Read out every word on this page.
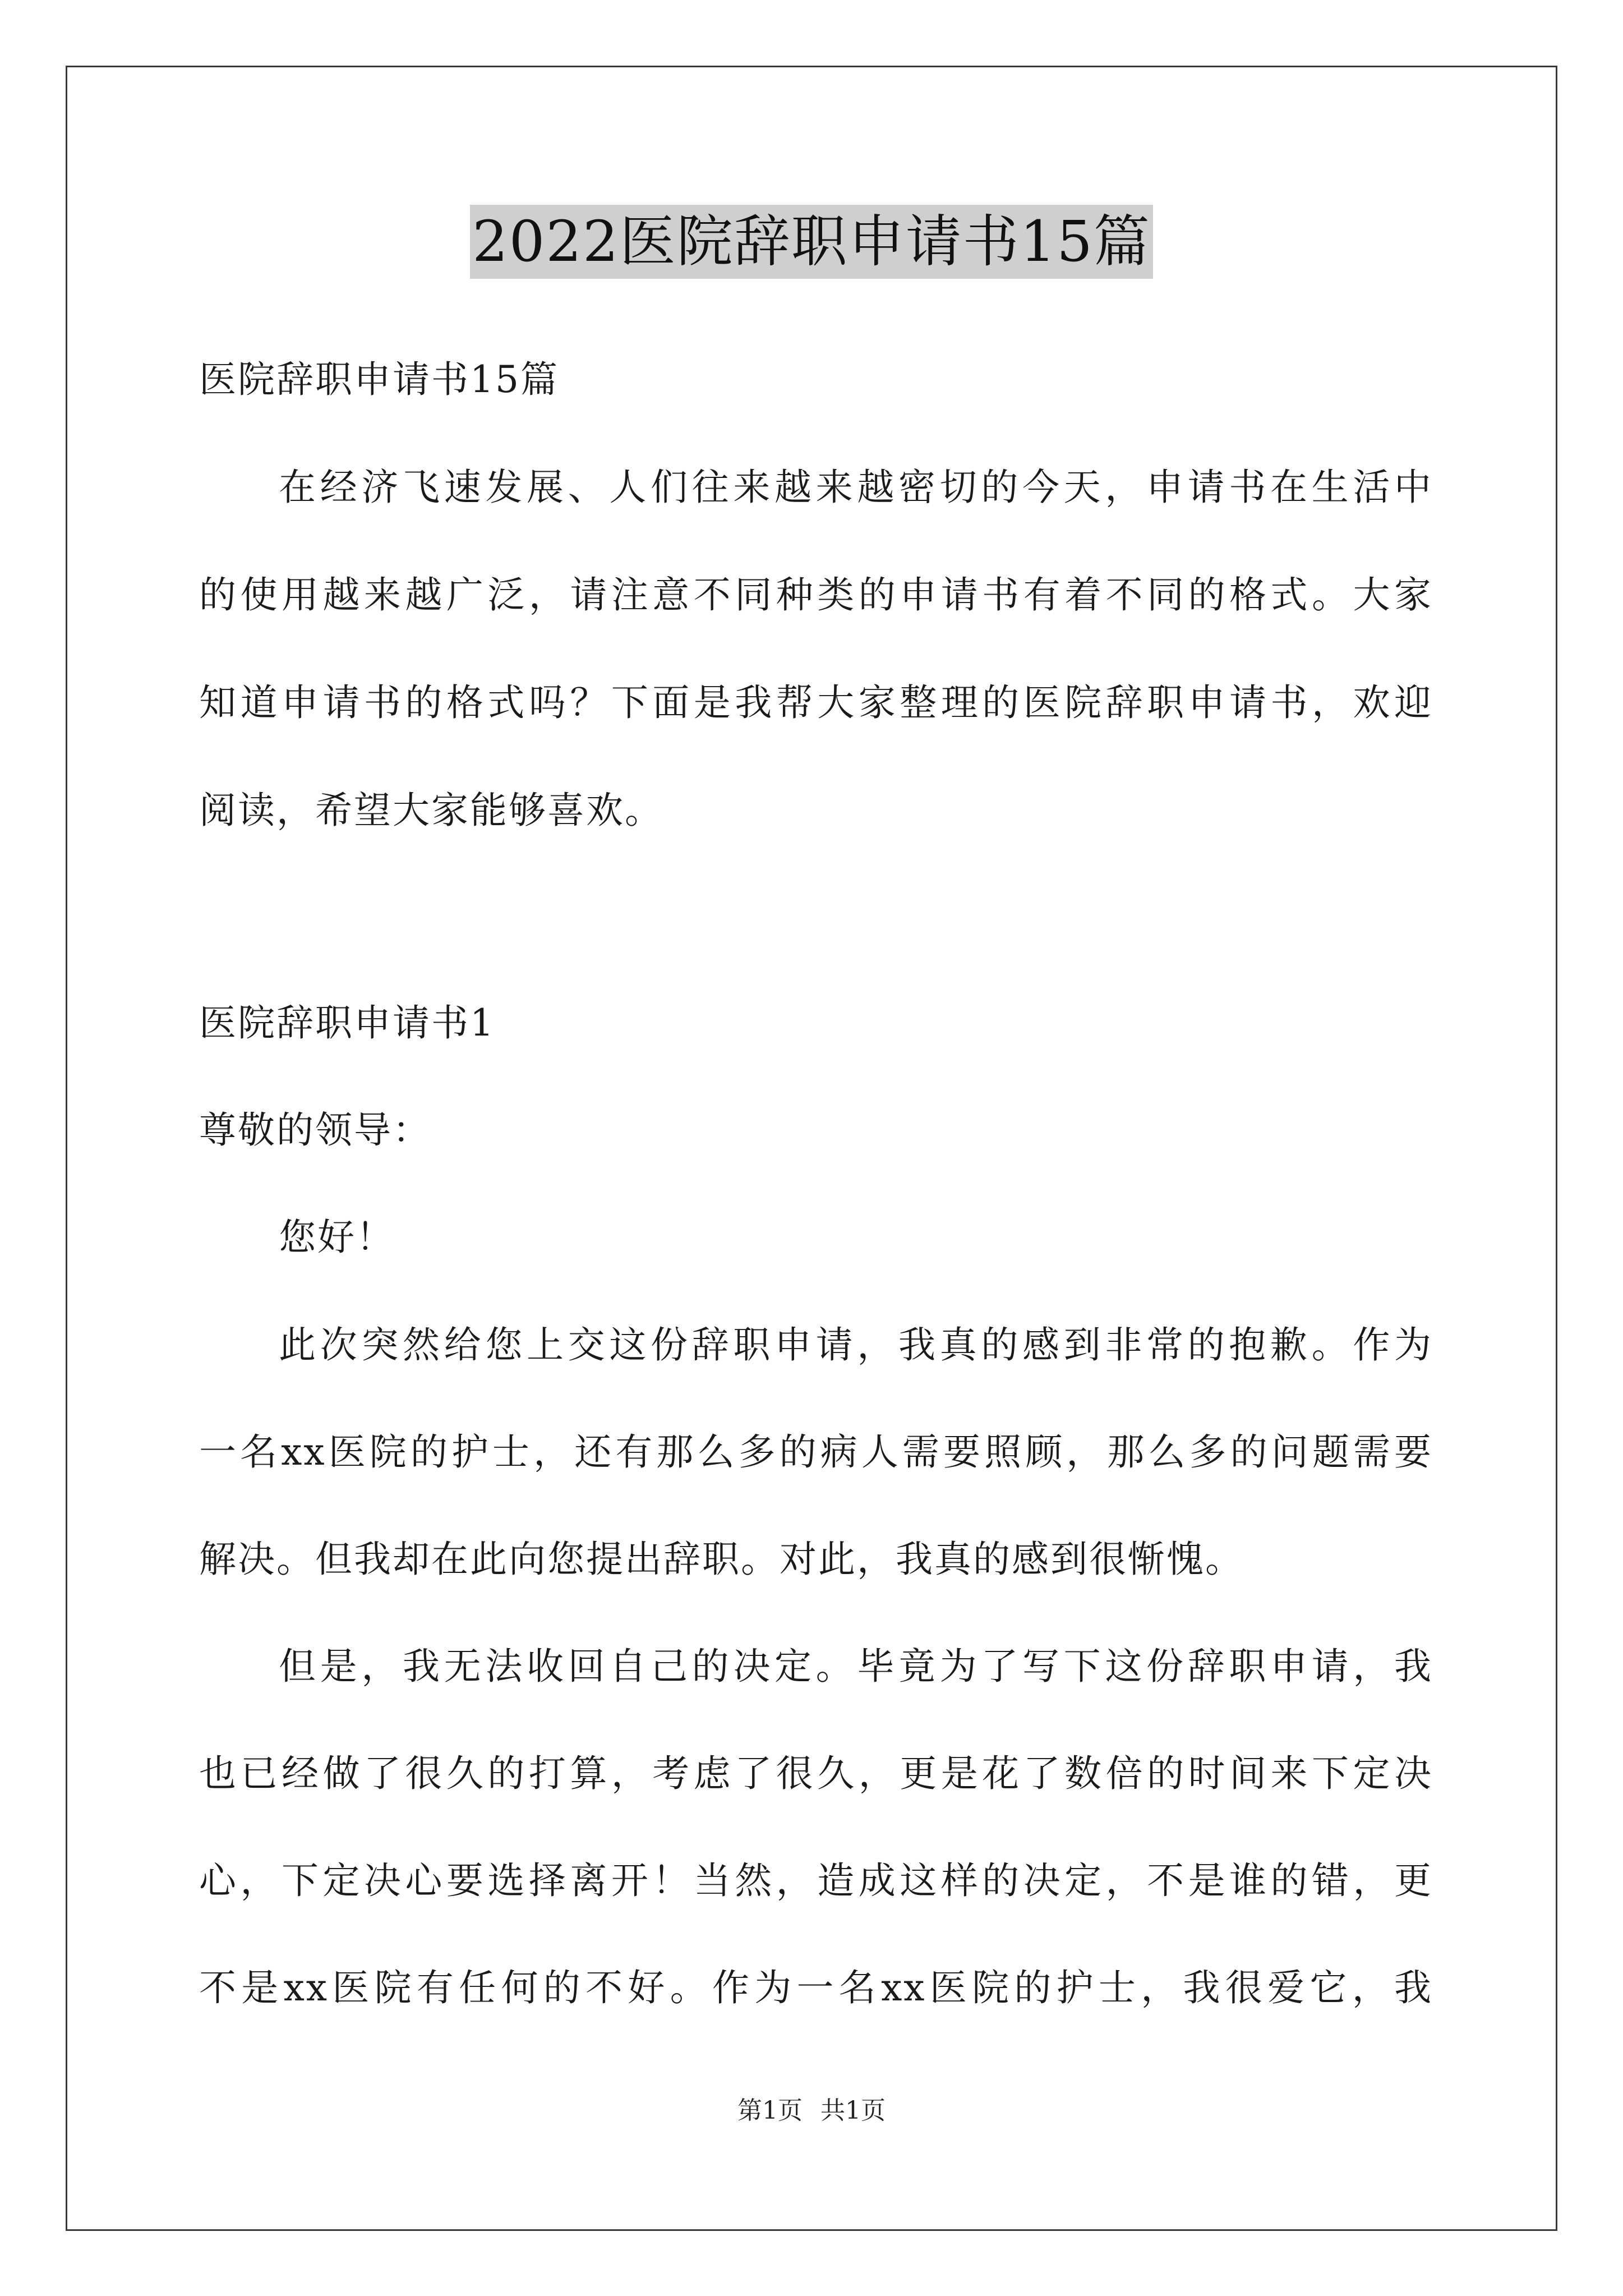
2022医院辞职申请书15篇
医院辞职申请书15篇
在经济飞速发展、人们往来越来越密切的今天，申请书在生活中
的使用越来越广泛，请注意不同种类的申请书有着不同的格式。大家
知道申请书的格式吗？下面是我帮大家整理的医院辞职申请书，欢迎
阅读，希望大家能够喜欢。
医院辞职申请书1
尊敬的领导：
您好！
此次突然给您上交这份辞职申请，我真的感到非常的抱歉。作为
一名xx医院的护士，还有那么多的病人需要照顾，那么多的问题需要
解决。但我却在此向您提出辞职。对此，我真的感到很惭愧。
但是，我无法收回自己的决定。毕竟为了写下这份辞职申请，我
也已经做了很久的打算，考虑了很久，更是花了数倍的时间来下定决
心，下定决心要选择离开！当然，造成这样的决定，不是谁的错，更
不是xx医院有任何的不好。作为一名xx医院的护士，我很爱它，我
第1页 共1页
